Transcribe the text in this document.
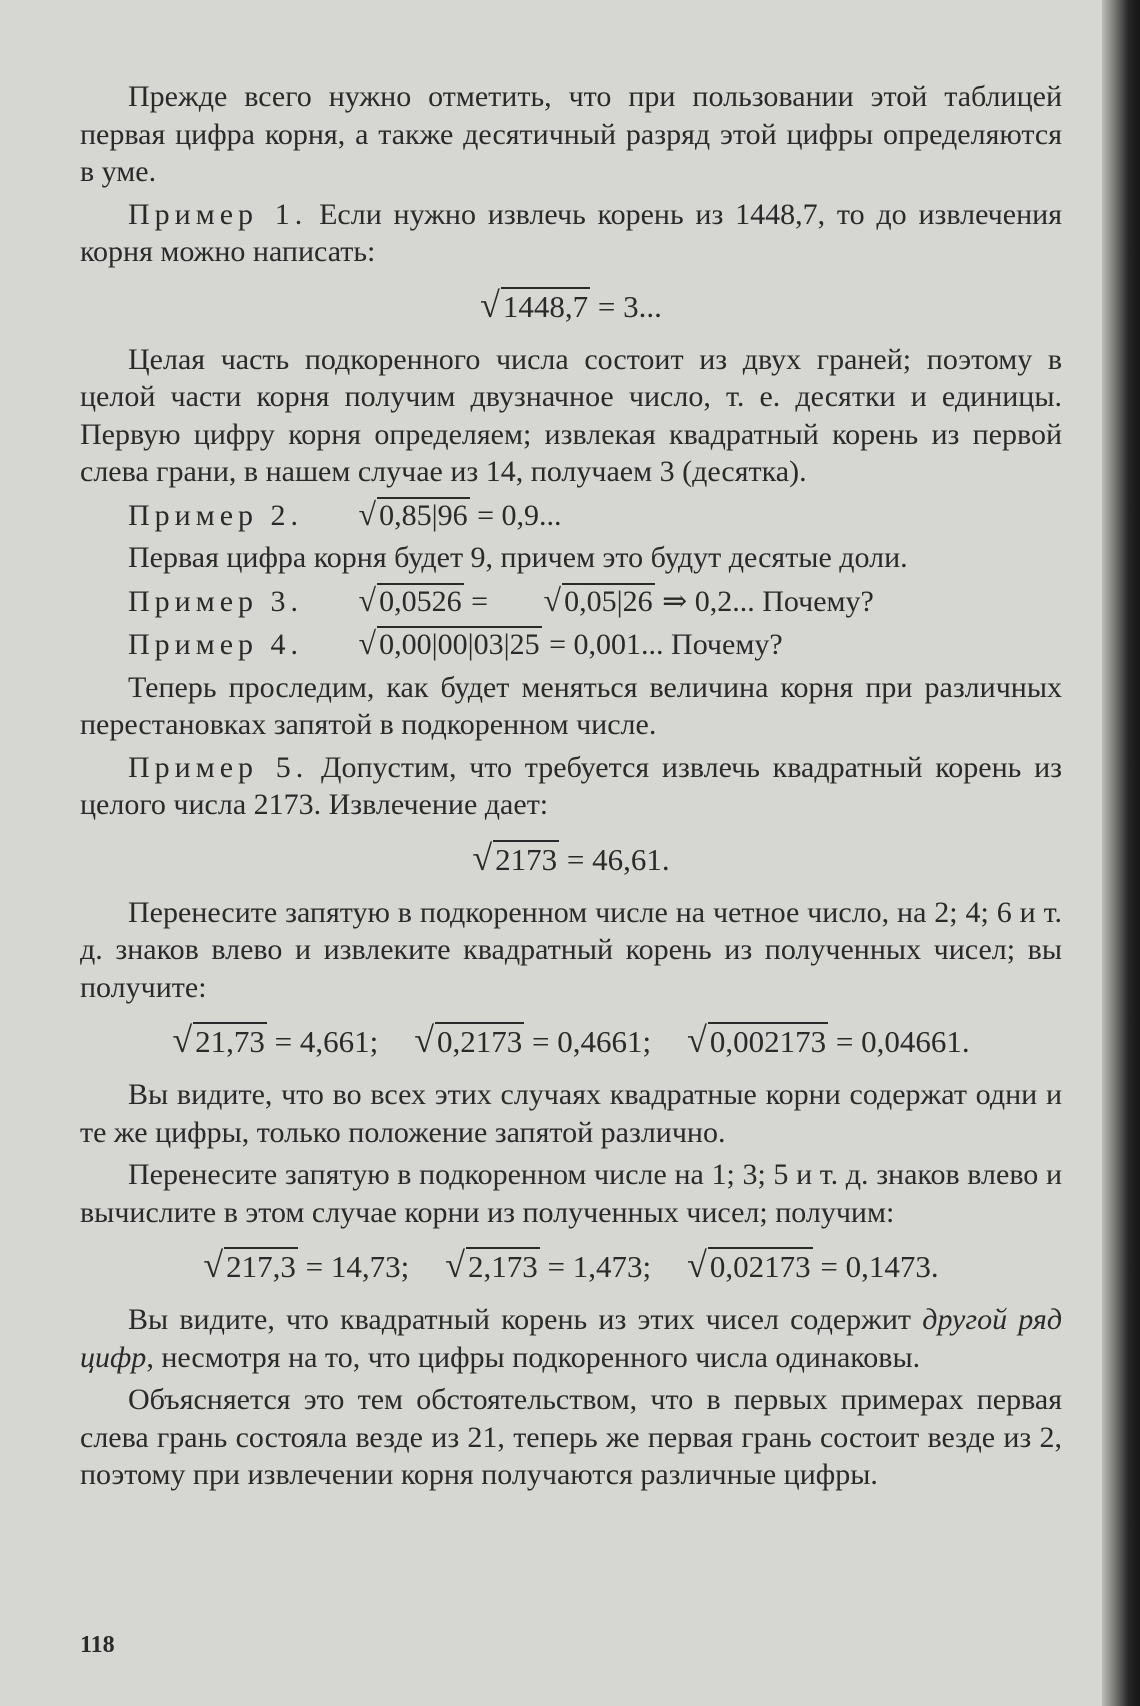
Прежде всего нужно отметить, что при пользовании этой таблицей первая цифра корня, а также десятичный разряд этой цифры определяются в уме.

Пример 1. Если нужно извлечь корень из 1448,7, то до извлечения корня можно написать:

√1448,7 = 3...

Целая часть подкоренного числа состоит из двух граней; поэтому в целой части корня получим двузначное число, т. е. десятки и единицы. Первую цифру корня определяем; извлекая квадратный корень из первой слева грани, в нашем случае из 14, получаем 3 (десятка).

Пример 2. √ 0,85|96 = 0,9...

Первая цифра корня будет 9, причем это будут десятые доли.

Пример 3. √ 0,0526 = √ 0,05|26 ⇒ 0,2... Почему?

Пример 4. √ 0,00|00|03|25 = 0,001... Почему?

Теперь проследим, как будет меняться величина корня при различных перестановках запятой в подкоренном числе.

Пример 5. Допустим, что требуется извлечь квадратный корень из целого числа 2173. Извлечение дает:

√2173 = 46,61.

Перенесите запятую в подкоренном числе на четное число, на 2; 4; 6 и т. д. знаков влево и извлеките квадратный корень из полученных чисел; вы получите:

√21,73 = 4,661; √0,2173 = 0,4661; √0,002173 = 0,04661.

Вы видите, что во всех этих случаях квадратные корни содержат одни и те же цифры, только положение запятой различно.

Перенесите запятую в подкоренном числе на 1; 3; 5 и т. д. знаков влево и вычислите в этом случае корни из полученных чисел; получим:

√217,3 = 14,73; √2,173 = 1,473; √0,02173 = 0,1473.

Вы видите, что квадратный корень из этих чисел содержит другой ряд цифр, несмотря на то, что цифры подкоренного числа одинаковы.

Объясняется это тем обстоятельством, что в первых примерах первая слева грань состояла везде из 21, теперь же первая грань состоит везде из 2, поэтому при извлечении корня получаются различные цифры.

118
